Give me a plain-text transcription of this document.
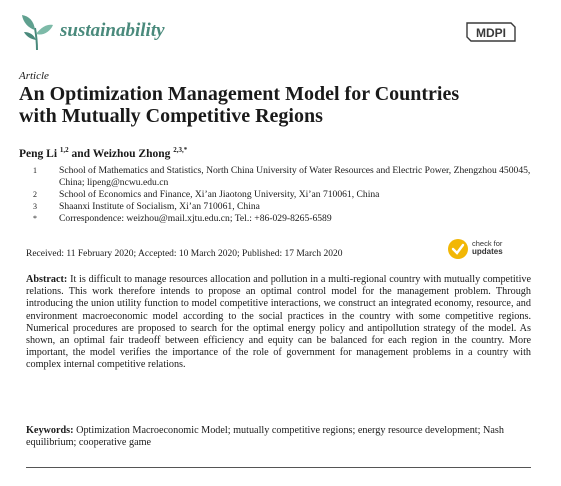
sustainability	MDPI
Article
An Optimization Management Model for Countries
with Mutually Competitive Regions
Peng Li $^{1,2}$ and Weizhou Zhong $^{2,3,*}$
1 School of Mathematics and Statistics, North China University of Water Resources and Electric Power, Zhengzhou 450045, China; lipeng@ncwu.edu.cn
2 School of Economics and Finance, Xi’an Jiaotong University, Xi’an 710061, China
3 Shaanxi Institute of Socialism, Xi’an 710061, China
* Correspondence: weizhou@mail.xjtu.edu.cn; Tel.: +86-029-8265-6589
Received: 11 February 2020; Accepted: 10 March 2020; Published: 17 March 2020
check for
updates
Abstract: It is difficult to manage resources allocation and pollution in a multi-regional country with mutually competitive relations. This work therefore intends to propose an optimal control model for the management problem. Through introducing the union utility function to model competitive interactions, we construct an integrated economy, resource, and environment macroeconomic model according to the social practices in the country with some competitive regions. Numerical procedures are proposed to search for the optimal energy policy and antipollution strategy of the model. As shown, an optimal fair tradeoff between efficiency and equity can be balanced for each region in the country. More important, the model verifies the importance of the role of government for management problems in a country with complex internal competitive relations.
Keywords: Optimization Macroeconomic Model; mutually competitive regions; energy resource development; Nash equilibrium; cooperative game
